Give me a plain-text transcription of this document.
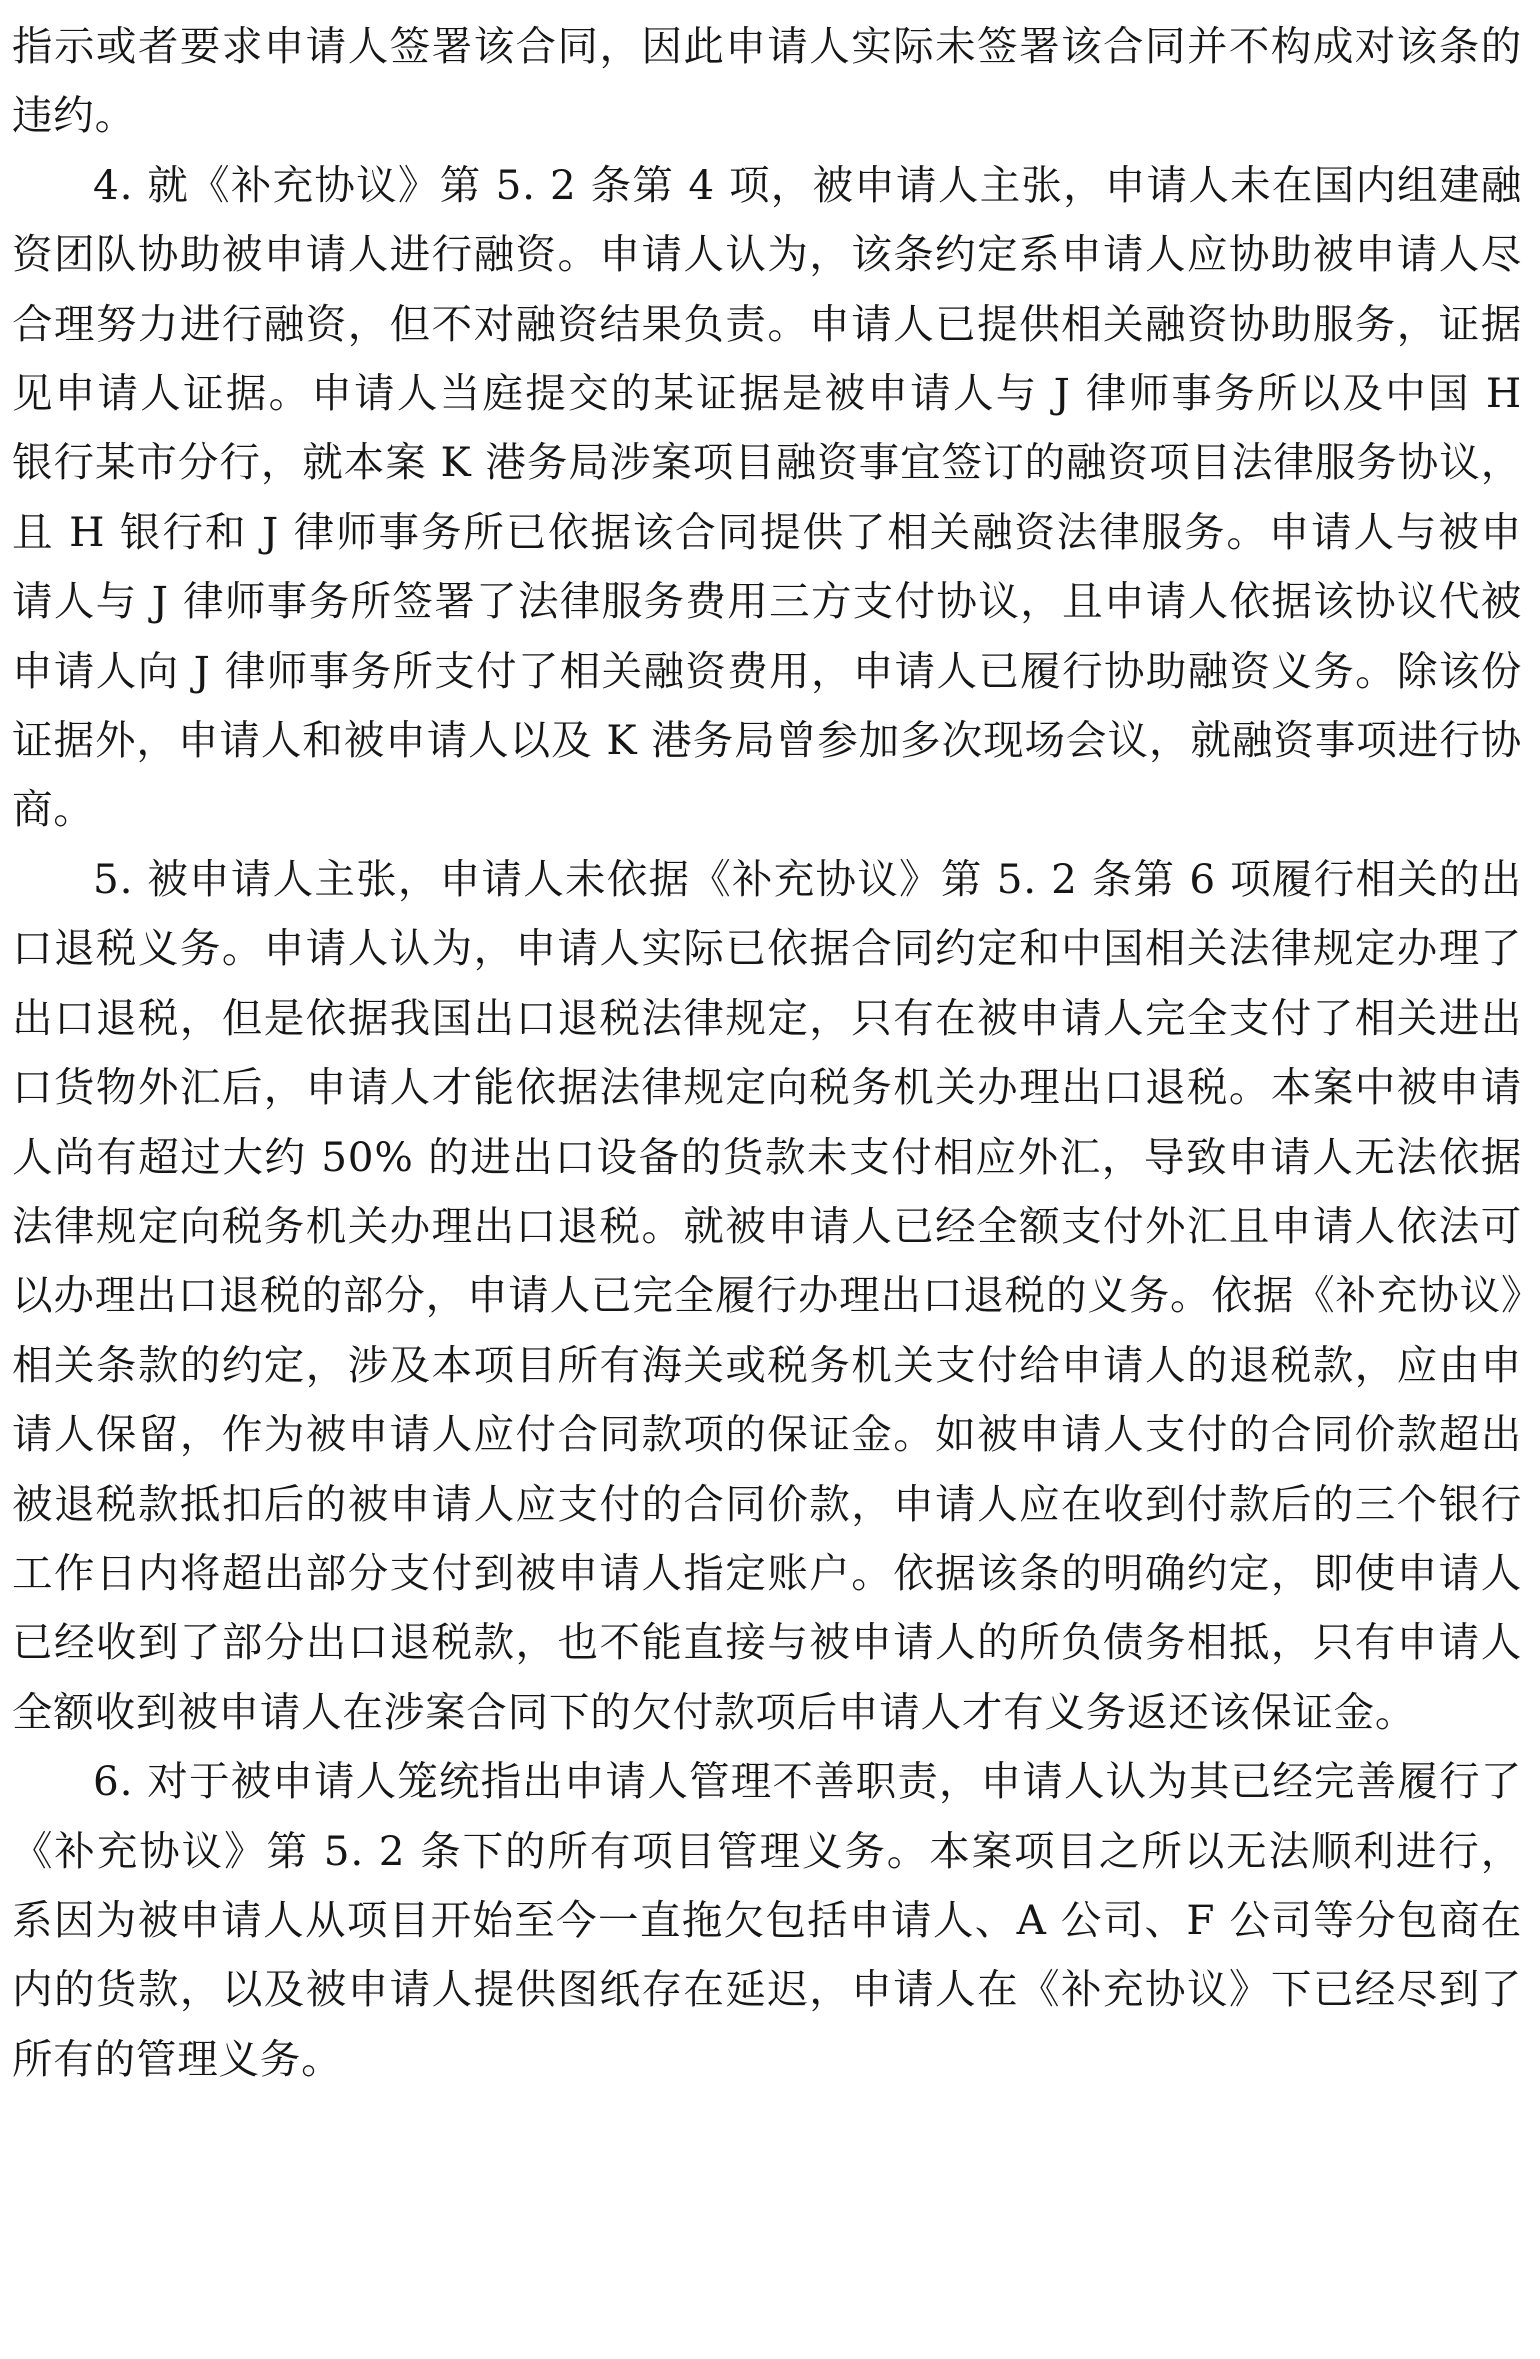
指示或者要求申请人签署该合同，因此申请人实际未签署该合同并不构成对该条的违约。

4. 就《补充协议》第 5. 2 条第 4 项，被申请人主张，申请人未在国内组建融资团队协助被申请人进行融资。申请人认为，该条约定系申请人应协助被申请人尽合理努力进行融资，但不对融资结果负责。申请人已提供相关融资协助服务，证据见申请人证据。申请人当庭提交的某证据是被申请人与 J 律师事务所以及中国 H 银行某市分行，就本案 K 港务局涉案项目融资事宜签订的融资项目法律服务协议，且 H 银行和 J 律师事务所已依据该合同提供了相关融资法律服务。申请人与被申请人与 J 律师事务所签署了法律服务费用三方支付协议，且申请人依据该协议代被申请人向 J 律师事务所支付了相关融资费用，申请人已履行协助融资义务。除该份证据外，申请人和被申请人以及 K 港务局曾参加多次现场会议，就融资事项进行协商。

5. 被申请人主张，申请人未依据《补充协议》第 5. 2 条第 6 项履行相关的出口退税义务。申请人认为，申请人实际已依据合同约定和中国相关法律规定办理了出口退税，但是依据我国出口退税法律规定，只有在被申请人完全支付了相关进出口货物外汇后，申请人才能依据法律规定向税务机关办理出口退税。本案中被申请人尚有超过大约 50% 的进出口设备的货款未支付相应外汇，导致申请人无法依据法律规定向税务机关办理出口退税。就被申请人已经全额支付外汇且申请人依法可以办理出口退税的部分，申请人已完全履行办理出口退税的义务。依据《补充协议》相关条款的约定，涉及本项目所有海关或税务机关支付给申请人的退税款，应由申请人保留，作为被申请人应付合同款项的保证金。如被申请人支付的合同价款超出被退税款抵扣后的被申请人应支付的合同价款，申请人应在收到付款后的三个银行工作日内将超出部分支付到被申请人指定账户。依据该条的明确约定，即使申请人已经收到了部分出口退税款，也不能直接与被申请人的所负债务相抵，只有申请人全额收到被申请人在涉案合同下的欠付款项后申请人才有义务返还该保证金。

6. 对于被申请人笼统指出申请人管理不善职责，申请人认为其已经完善履行了《补充协议》第 5. 2 条下的所有项目管理义务。本案项目之所以无法顺利进行，系因为被申请人从项目开始至今一直拖欠包括申请人、A 公司、F 公司等分包商在内的货款，以及被申请人提供图纸存在延迟，申请人在《补充协议》下已经尽到了所有的管理义务。
